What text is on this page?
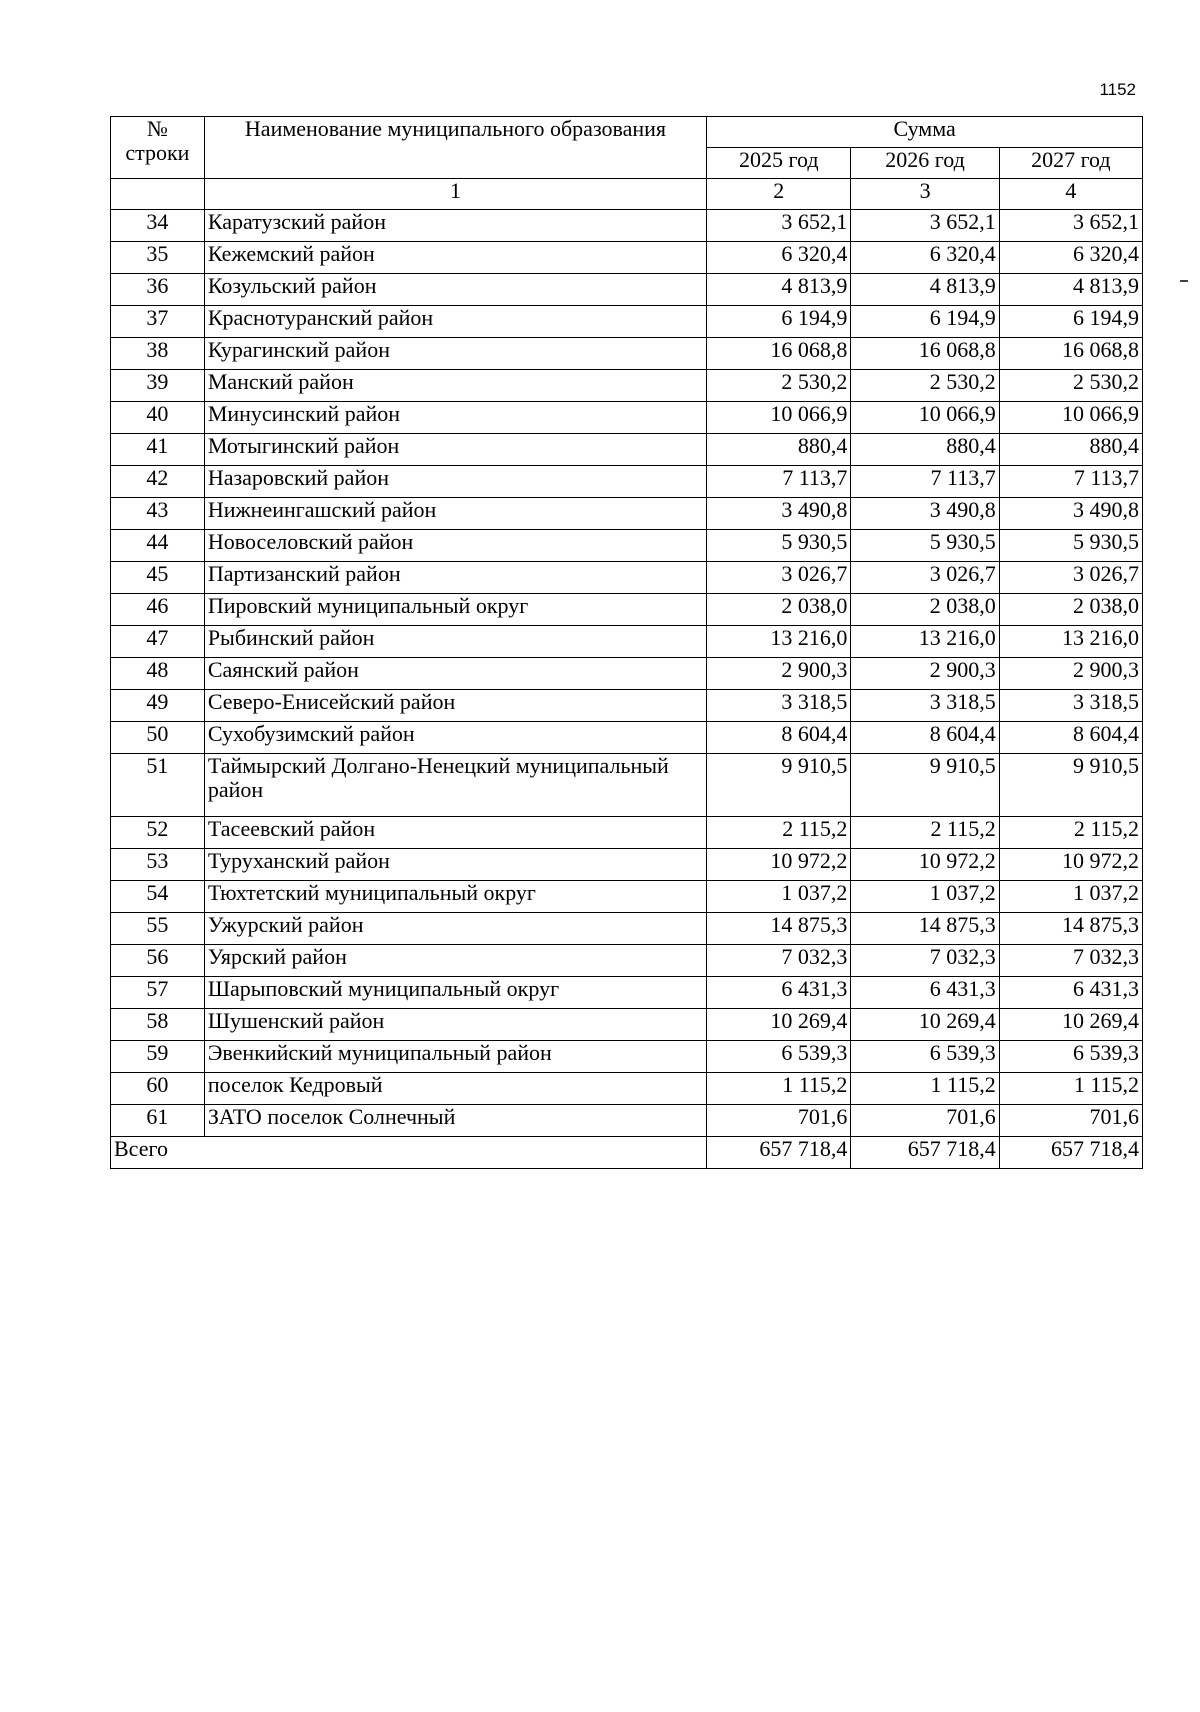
1152
№
строки	Наименование муниципального образования	Сумма		
		2025 год	2026 год	2027 год
	1	2	3	4
34	Каратузский район	3 652,1	3 652,1	3 652,1
35	Кежемский район	6 320,4	6 320,4	6 320,4
36	Козульский район	4 813,9	4 813,9	4 813,9
37	Краснотуранский район	6 194,9	6 194,9	6 194,9
38	Курагинский район	16 068,8	16 068,8	16 068,8
39	Манский район	2 530,2	2 530,2	2 530,2
40	Минусинский район	10 066,9	10 066,9	10 066,9
41	Мотыгинский район	880,4	880,4	880,4
42	Назаровский район	7 113,7	7 113,7	7 113,7
43	Нижнеингашский район	3 490,8	3 490,8	3 490,8
44	Новоселовский район	5 930,5	5 930,5	5 930,5
45	Партизанский район	3 026,7	3 026,7	3 026,7
46	Пировский муниципальный округ	2 038,0	2 038,0	2 038,0
47	Рыбинский район	13 216,0	13 216,0	13 216,0
48	Саянский район	2 900,3	2 900,3	2 900,3
49	Северо-Енисейский район	3 318,5	3 318,5	3 318,5
50	Сухобузимский район	8 604,4	8 604,4	8 604,4
51	Таймырский Долгано-Ненецкий муниципальный район	9 910,5	9 910,5	9 910,5
52	Тасеевский район	2 115,2	2 115,2	2 115,2
53	Туруханский район	10 972,2	10 972,2	10 972,2
54	Тюхтетский муниципальный округ	1 037,2	1 037,2	1 037,2
55	Ужурский район	14 875,3	14 875,3	14 875,3
56	Уярский район	7 032,3	7 032,3	7 032,3
57	Шарыповский муниципальный округ	6 431,3	6 431,3	6 431,3
58	Шушенский район	10 269,4	10 269,4	10 269,4
59	Эвенкийский муниципальный район	6 539,3	6 539,3	6 539,3
60	поселок Кедровый	1 115,2	1 115,2	1 115,2
61	ЗАТО поселок Солнечный	701,6	701,6	701,6
Всего		657 718,4	657 718,4	657 718,4
